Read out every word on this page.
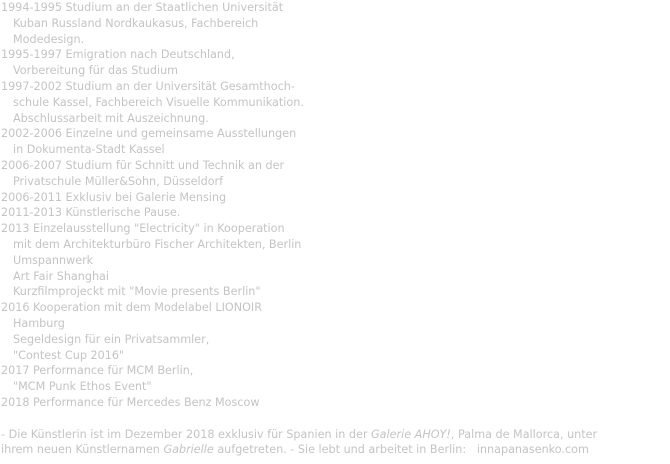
1994-1995 Studium an der Staatlichen Universität
Kuban Russland Nordkaukasus, Fachbereich
Modedesign.
1995-1997 Emigration nach Deutschland,
Vorbereitung für das Studium
1997-2002 Studium an der Universität Gesamthoch-
schule Kassel, Fachbereich Visuelle Kommunikation.
Abschlussarbeit mit Auszeichnung.
2002-2006 Einzelne und gemeinsame Ausstellungen
in Dokumenta-Stadt Kassel
2006-2007 Studium für Schnitt und Technik an der
Privatschule Müller&Sohn, Düsseldorf
2006-2011 Exklusiv bei Galerie Mensing
2011-2013 Künstlerische Pause.
2013 Einzelausstellung "Electricity" in Kooperation
mit dem Architekturbüro Fischer Architekten, Berlin
Umspannwerk
Art Fair Shanghai
Kurzfilmprojeckt mit "Movie presents Berlin"
2016 Kooperation mit dem Modelabel LIONOIR
Hamburg
Segeldesign für ein Privatsammler,
"Contest Cup 2016"
2017 Performance für MCM Berlin,
"MCM Punk Ethos Event"
2018 Performance für Mercedes Benz Moscow
- Die Künstlerin ist im Dezember 2018 exklusiv für Spanien in der Galerie AHOY!, Palma de Mallorca, unter
ihrem neuen Künstlernamen Gabrielle aufgetreten. - Sie lebt und arbeitet in Berlin: innapanasenko.com
